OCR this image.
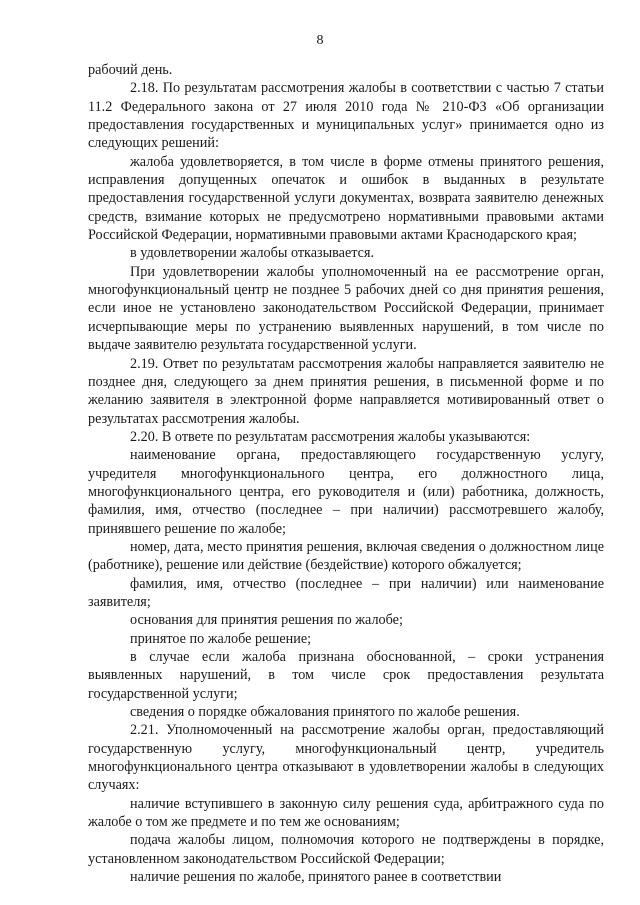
8

рабочий день.

2.18. По результатам рассмотрения жалобы в соответствии с частью 7 статьи 11.2 Федерального закона от 27 июля 2010 года № 210-ФЗ «Об организации предоставления государственных и муниципальных услуг» принимается одно из следующих решений:

жалоба удовлетворяется, в том числе в форме отмены принятого решения, исправления допущенных опечаток и ошибок в выданных в результате предоставления государственной услуги документах, возврата заявителю денежных средств, взимание которых не предусмотрено нормативными правовыми актами Российской Федерации, нормативными правовыми актами Краснодарского края;

в удовлетворении жалобы отказывается.

При удовлетворении жалобы уполномоченный на ее рассмотрение орган, многофункциональный центр не позднее 5 рабочих дней со дня принятия решения, если иное не установлено законодательством Российской Федерации, принимает исчерпывающие меры по устранению выявленных нарушений, в том числе по выдаче заявителю результата государственной услуги.

2.19. Ответ по результатам рассмотрения жалобы направляется заявителю не позднее дня, следующего за днем принятия решения, в письменной форме и по желанию заявителя в электронной форме направляется мотивированный ответ о результатах рассмотрения жалобы.

2.20. В ответе по результатам рассмотрения жалобы указываются:

наименование органа, предоставляющего государственную услугу, учредителя многофункционального центра, его должностного лица, многофункционального центра, его руководителя и (или) работника, должность, фамилия, имя, отчество (последнее – при наличии) рассмотревшего жалобу, принявшего решение по жалобе;

номер, дата, место принятия решения, включая сведения о должностном лице (работнике), решение или действие (бездействие) которого обжалуется;

фамилия, имя, отчество (последнее – при наличии) или наименование заявителя;

основания для принятия решения по жалобе;

принятое по жалобе решение;

в случае если жалоба признана обоснованной, – сроки устранения выявленных нарушений, в том числе срок предоставления результата государственной услуги;

сведения о порядке обжалования принятого по жалобе решения.

2.21. Уполномоченный на рассмотрение жалобы орган, предоставляющий государственную услугу, многофункциональный центр, учредитель многофункционального центра отказывают в удовлетворении жалобы в следующих случаях:

наличие вступившего в законную силу решения суда, арбитражного суда по жалобе о том же предмете и по тем же основаниям;

подача жалобы лицом, полномочия которого не подтверждены в порядке, установленном законодательством Российской Федерации;

наличие решения по жалобе, принятого ранее в соответствии
